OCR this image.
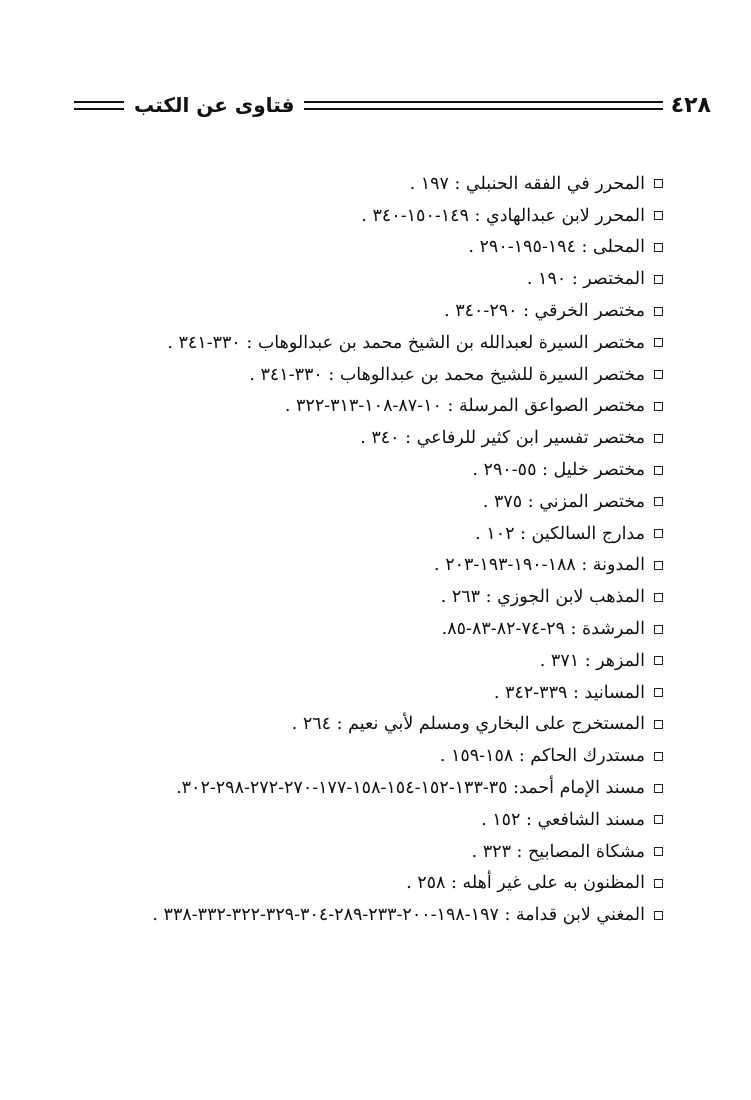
٤٢٨
فتاوى عن الكتب
المحرر في الفقه الحنبلي : ١٩٧ .
المحرر لابن عبدالهادي : ١٤٩-١٥٠-٣٤٠ .
المحلى : ١٩٤-١٩٥-٢٩٠ .
المختصر : ١٩٠ .
مختصر الخرقي : ٢٩٠-٣٤٠ .
مختصر السيرة لعبدالله بن الشيخ محمد بن عبدالوهاب : ٣٣٠-٣٤١ .
مختصر السيرة للشيخ محمد بن عبدالوهاب : ٣٣٠-٣٤١ .
مختصر الصواعق المرسلة : ١٠-٨٧-١٠٨-٣١٣-٣٢٢ .
مختصر تفسير ابن كثير للرفاعي : ٣٤٠ .
مختصر خليل : ٥٥-٢٩٠ .
مختصر المزني : ٣٧٥ .
مدارج السالكين : ١٠٢ .
المدونة : ١٨٨-١٩٠-١٩٣-٢٠٣ .
المذهب لابن الجوزي : ٢٦٣ .
المرشدة : ٢٩-٧٤-٨٢-٨٣-٨٥.
المزهر : ٣٧١ .
المسانيد : ٣٣٩-٣٤٢ .
المستخرج على البخاري ومسلم لأبي نعيم : ٢٦٤ .
مستدرك الحاكم : ١٥٨-١٥٩ .
مسند الإمام أحمد: ٣٥-١٣٣-١٥٢-١٥٤-١٥٨-١٧٧-٢٧٠-٢٧٢-٢٩٨-٣٠٢.
مسند الشافعي : ١٥٢ .
مشكاة المصابيح : ٣٢٣ .
المظنون به على غير أهله : ٢٥٨ .
المغني لابن قدامة : ١٩٧-١٩٨-٢٠٠-٢٣٣-٢٨٩-٣٠٤-٣٢٩-٣٢٢-٣٣٢-٣٣٨ .
